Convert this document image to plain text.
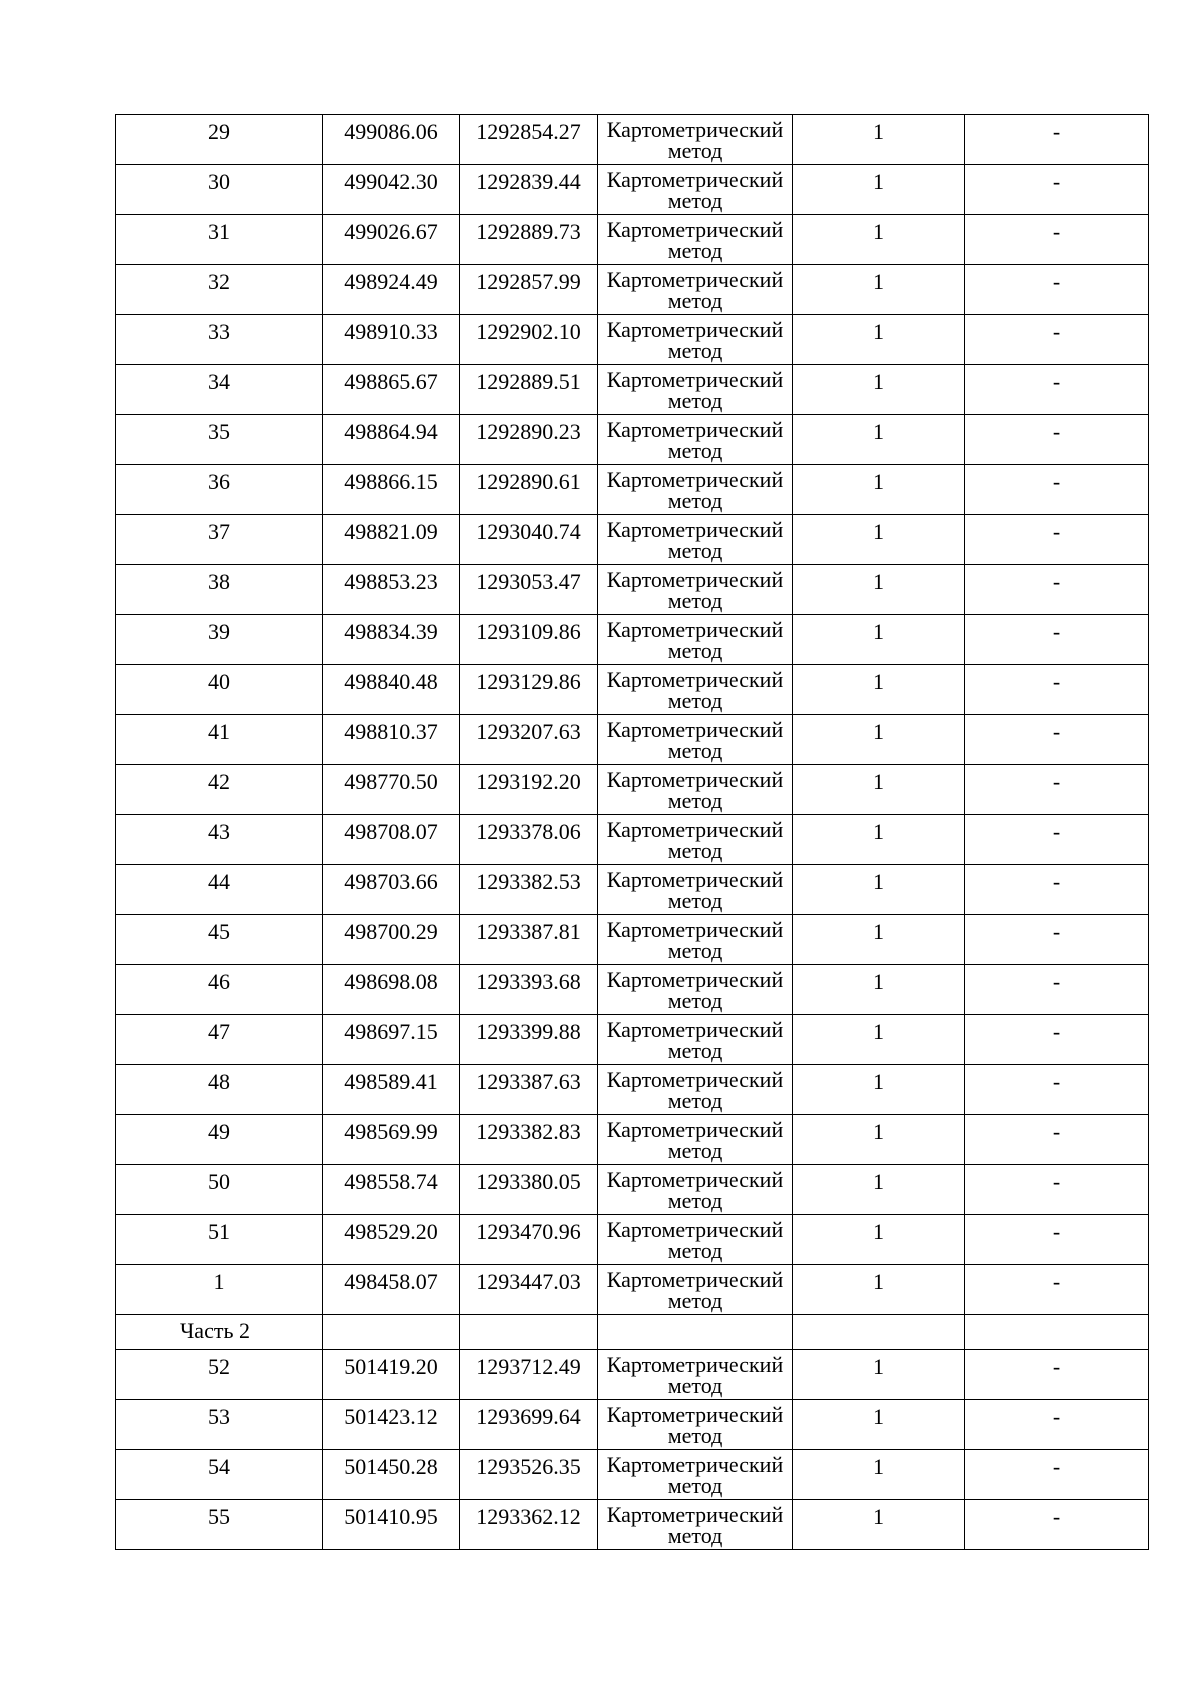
29	499086.06	1292854.27	Картометрический
метод	1	-

30	499042.30	1292839.44	Картометрический
метод	1	-

31	499026.67	1292889.73	Картометрический
метод	1	-

32	498924.49	1292857.99	Картометрический
метод	1	-

33	498910.33	1292902.10	Картометрический
метод	1	-

34	498865.67	1292889.51	Картометрический
метод	1	-

35	498864.94	1292890.23	Картометрический
метод	1	-

36	498866.15	1292890.61	Картометрический
метод	1	-

37	498821.09	1293040.74	Картометрический
метод	1	-

38	498853.23	1293053.47	Картометрический
метод	1	-

39	498834.39	1293109.86	Картометрический
метод	1	-

40	498840.48	1293129.86	Картометрический
метод	1	-

41	498810.37	1293207.63	Картометрический
метод	1	-

42	498770.50	1293192.20	Картометрический
метод	1	-

43	498708.07	1293378.06	Картометрический
метод	1	-

44	498703.66	1293382.53	Картометрический
метод	1	-

45	498700.29	1293387.81	Картометрический
метод	1	-

46	498698.08	1293393.68	Картометрический
метод	1	-

47	498697.15	1293399.88	Картометрический
метод	1	-

48	498589.41	1293387.63	Картометрический
метод	1	-

49	498569.99	1293382.83	Картометрический
метод	1	-

50	498558.74	1293380.05	Картометрический
метод	1	-

51	498529.20	1293470.96	Картометрический
метод	1	-

1	498458.07	1293447.03	Картометрический
метод	1	-

Часть 2					

52	501419.20	1293712.49	Картометрический
метод	1	-

53	501423.12	1293699.64	Картометрический
метод	1	-

54	501450.28	1293526.35	Картометрический
метод	1	-

55	501410.95	1293362.12	Картометрический
метод	1	-
